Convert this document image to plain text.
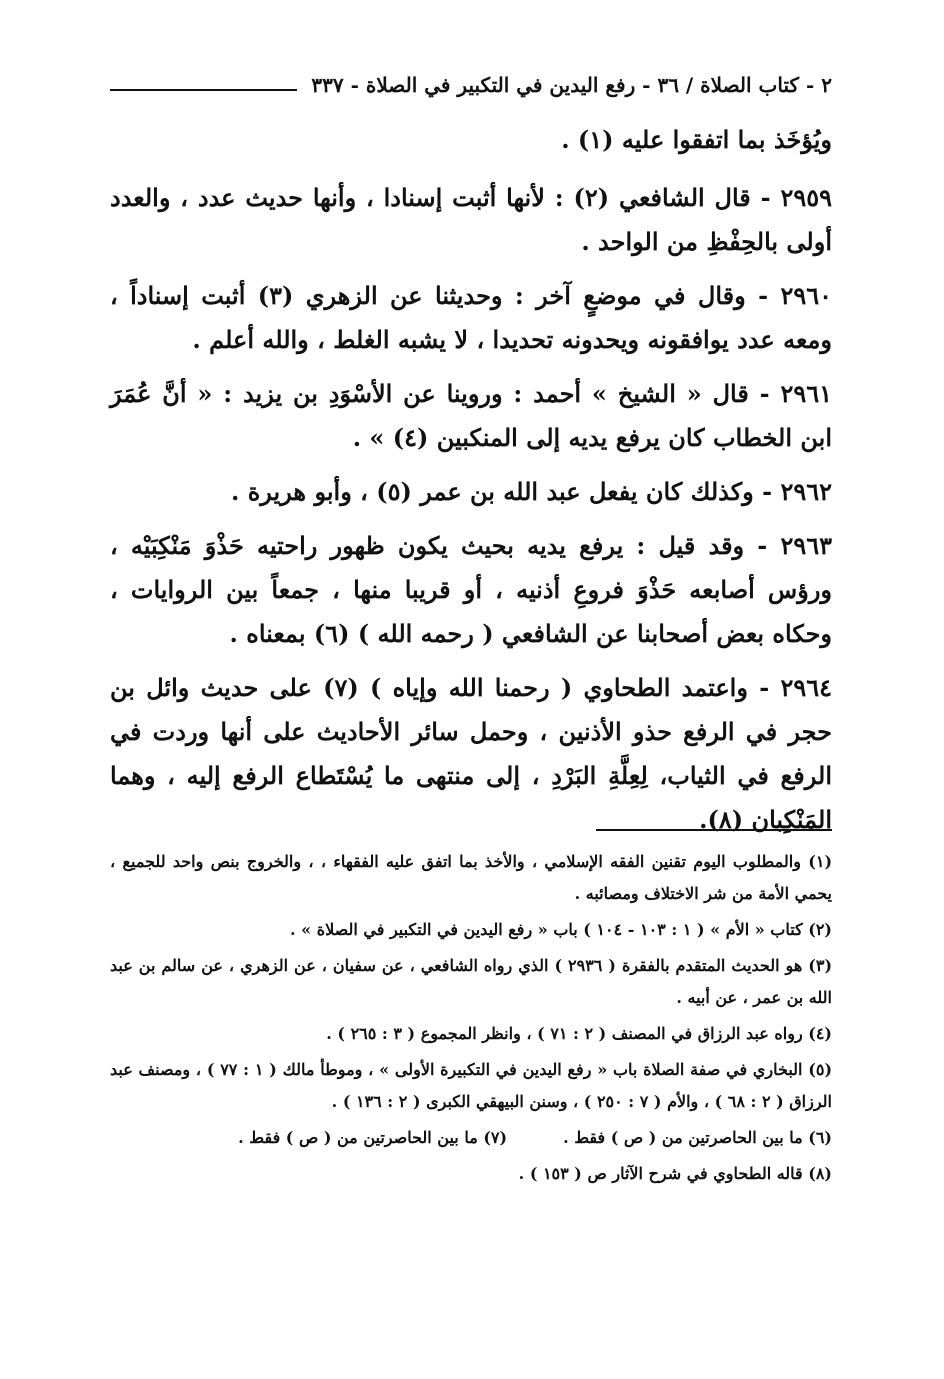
٢ - كتاب الصلاة / ٣٦ - رفع اليدين في التكبير في الصلاة - ٣٣٧

ويُؤخَذ بما اتفقوا عليه (١) .

٢٩٥٩ - قال الشافعي (٢) : لأنها أثبت إسنادا ، وأنها حديث عدد ، والعدد أولى بالحِفْظِ من الواحد .

٢٩٦٠ - وقال في موضعٍ آخر : وحديثنا عن الزهري (٣) أثبت إسناداً ، ومعه عدد يوافقونه ويحدونه تحديدا ، لا يشبه الغلط ، والله أعلم .

٢٩٦١ - قال « الشيخ » أحمد : وروينا عن الأسْوَدِ بن يزيد : « أنَّ عُمَرَ ابن الخطاب كان يرفع يديه إلى المنكبين (٤) » .

٢٩٦٢ - وكذلك كان يفعل عبد الله بن عمر (٥) ، وأبو هريرة .

٢٩٦٣ - وقد قيل : يرفع يديه بحيث يكون ظهور راحتيه حَذْوَ مَنْكِبَيْه ، ورؤس أصابعه حَذْوَ فروعِ أذنيه ، أو قريبا منها ، جمعاً بين الروايات ، وحكاه بعض أصحابنا عن الشافعي ( رحمه الله ) (٦) بمعناه .

٢٩٦٤ - واعتمد الطحاوي ( رحمنا الله وإياه ) (٧) على حديث وائل بن حجر في الرفع حذو الأذنين ، وحمل سائر الأحاديث على أنها وردت في الرفع في الثياب، لِعِلَّةِ البَرْدِ ، إلى منتهى ما يُسْتَطاع الرفع إليه ، وهما المَنْكِبان (٨).

(١) والمطلوب اليوم تقنين الفقه الإسلامي ، والأخذ بما اتفق عليه الفقهاء ، ، والخروج بنص واحد للجميع ، يحمي الأمة من شر الاختلاف ومصائبه .

(٢) كتاب « الأم » ( ١ : ١٠٣ - ١٠٤ ) باب « رفع اليدين في التكبير في الصلاة » .

(٣) هو الحديث المتقدم بالفقرة ( ٢٩٣٦ ) الذي رواه الشافعي ، عن سفيان ، عن الزهري ، عن سالم بن عبد الله بن عمر ، عن أبيه .

(٤) رواه عبد الرزاق في المصنف ( ٢ : ٧١ ) ، وانظر المجموع ( ٣ : ٢٦٥ ) .

(٥) البخاري في صفة الصلاة باب « رفع اليدين في التكبيرة الأولى » ، وموطأ مالك ( ١ : ٧٧ ) ، ومصنف عبد الرزاق ( ٢ : ٦٨ ) ، والأم ( ٧ : ٢٥٠ ) ، وسنن البيهقي الكبرى ( ٢ : ١٣٦ ) .

(٦) ما بين الحاصرتين من ( ص ) فقط .
(٧) ما بين الحاصرتين من ( ص ) فقط .

(٨) قاله الطحاوي في شرح الآثار ص ( ١٥٣ ) .
